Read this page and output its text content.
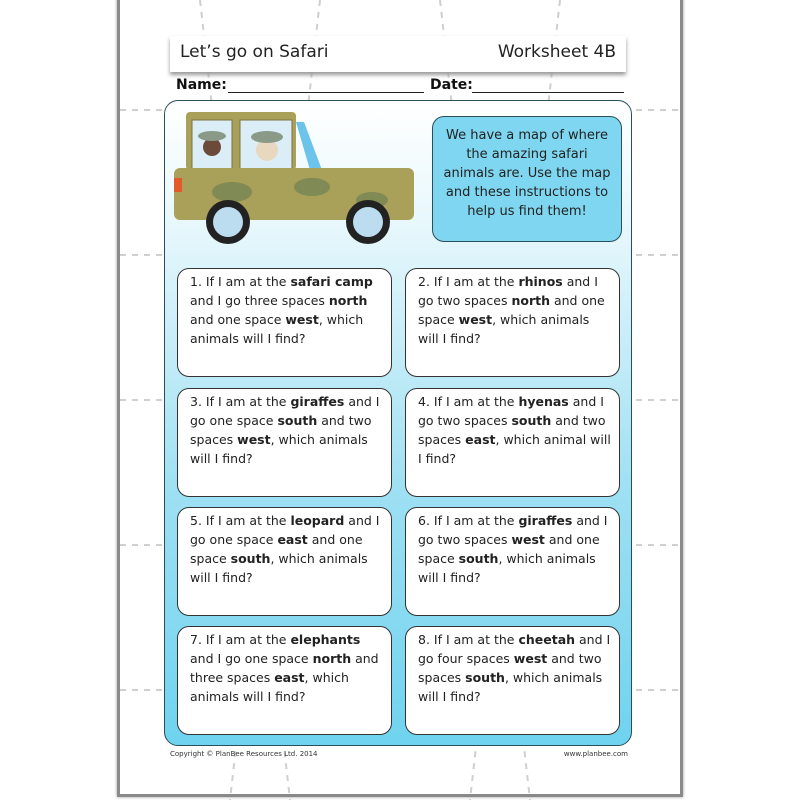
Let’s go on Safari	Worksheet 4B
Name:	Date:
We have a map of where the amazing safari animals are. Use the map and these instructions to help us find them!
1. If I am at the safari camp and I go three spaces north and one space west, which animals will I find?
2. If I am at the rhinos and I go two spaces north and one space west, which animals will I find?
3. If I am at the giraffes and I go one space south and two spaces west, which animals will I find?
4. If I am at the hyenas and I go two spaces south and two spaces east, which animal will I find?
5. If I am at the leopard and I go one space east and one space south, which animals will I find?
6. If I am at the giraffes and I go two spaces west and one space south, which animals will I find?
7. If I am at the elephants and I go one space north and three spaces east, which animals will I find?
8. If I am at the cheetah and I go four spaces west and two spaces south, which animals will I find?
Copyright © PlanBee Resources Ltd. 2014	www.planbee.com
